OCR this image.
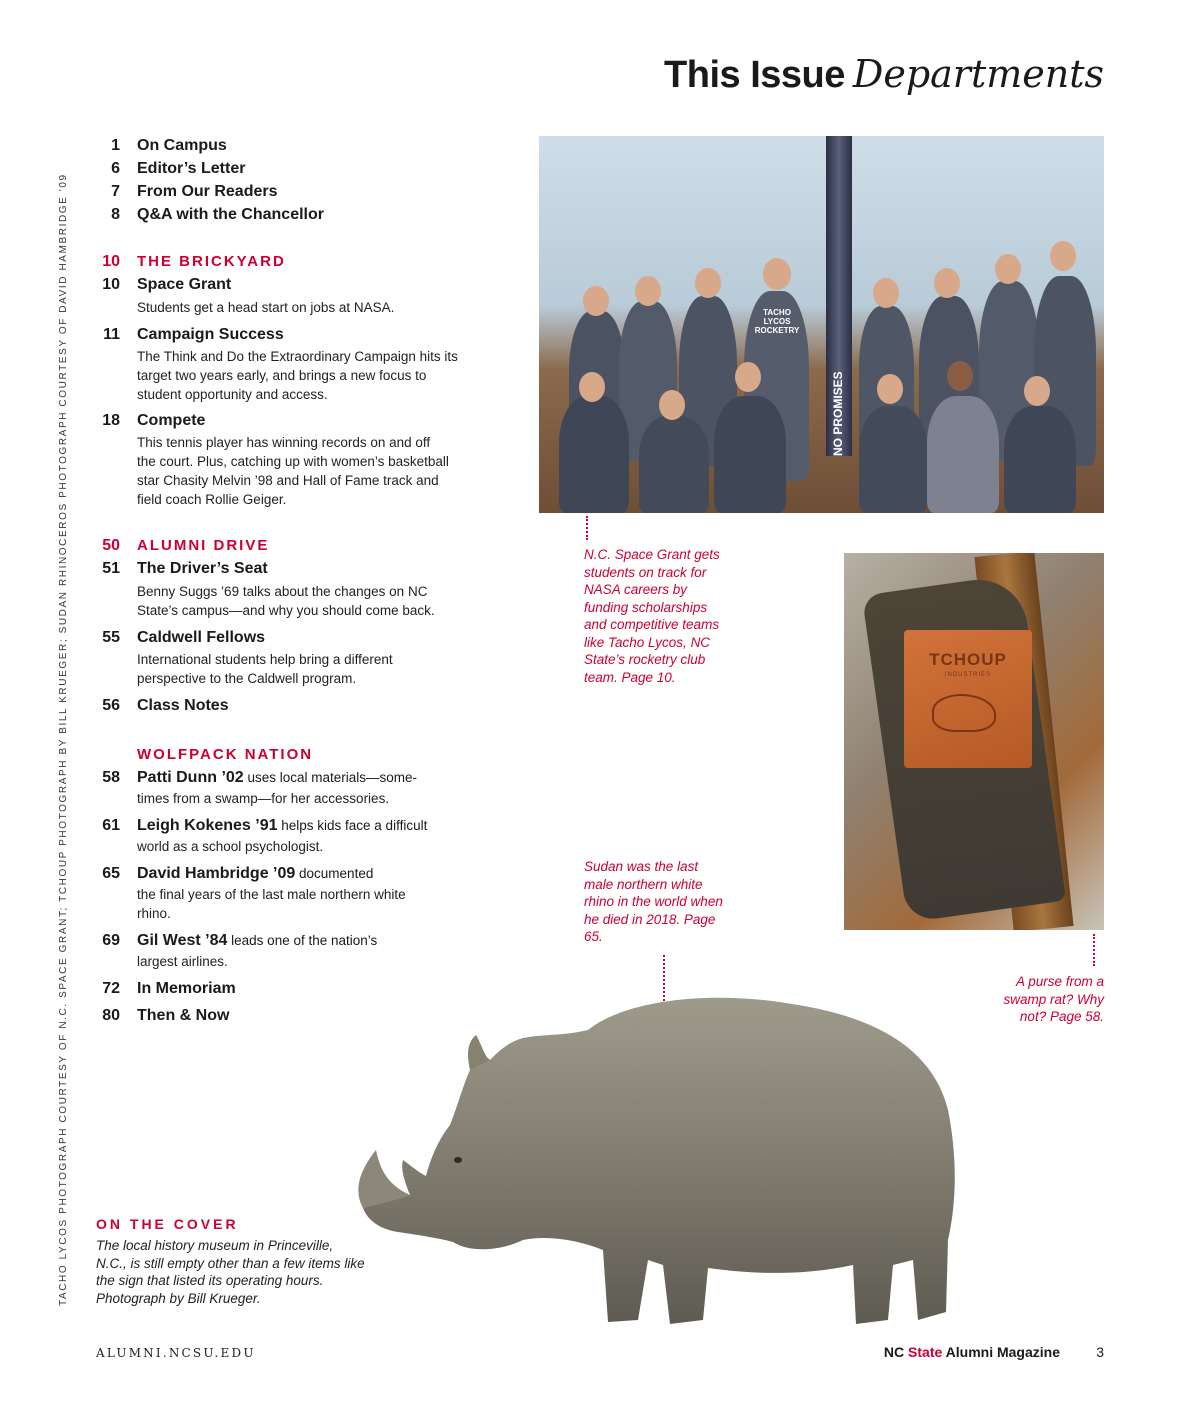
This Issue Departments
TACHO LYCOS PHOTOGRAPH COURTESY OF N.C. SPACE GRANT; TCHOUP PHOTOGRAPH BY BILL KRUEGER; SUDAN RHINOCEROS PHOTOGRAPH COURTESY OF DAVID HAMBRIDGE '09
1 On Campus
6 Editor’s Letter
7 From Our Readers
8 Q&A with the Chancellor
10 THE BRICKYARD
10 Space Grant
Students get a head start on jobs at NASA.
11 Campaign Success
The Think and Do the Extraordinary Campaign hits its target two years early, and brings a new focus to student opportunity and access.
18 Compete
This tennis player has winning records on and off the court. Plus, catching up with women’s basketball star Chasity Melvin ’98 and Hall of Fame track and field coach Rollie Geiger.
50 ALUMNI DRIVE
51 The Driver’s Seat
Benny Suggs ’69 talks about the changes on NC State’s campus—and why you should come back.
55 Caldwell Fellows
International students help bring a different perspective to the Caldwell program.
56 Class Notes
WOLFPACK NATION
58 Patti Dunn ’02 uses local materials—some-
times from a swamp—for her accessories.
61 Leigh Kokenes ’91 helps kids face a difficult
world as a school psychologist.
65 David Hambridge ’09 documented
the final years of the last male northern white rhino.
69 Gil West ’84 leads one of the nation’s
largest airlines.
72 In Memoriam
80 Then & Now
NO PROMISES
TACHO LYCOS ROCKETRY
TCHOUP
INDUSTRIES
N.C. Space Grant gets students on track for NASA careers by funding scholarships and competitive teams like Tacho Lycos, NC State’s rocketry club team. Page 10.
Sudan was the last male northern white rhino in the world when he died in 2018. Page 65.
A purse from a swamp rat? Why not? Page 58.
ON THE COVER
The local history museum in Princeville, N.C., is still empty other than a few items like the sign that listed its operating hours. Photograph by Bill Krueger.
ALUMNI.NCSU.EDU	NC State Alumni Magazine	3
